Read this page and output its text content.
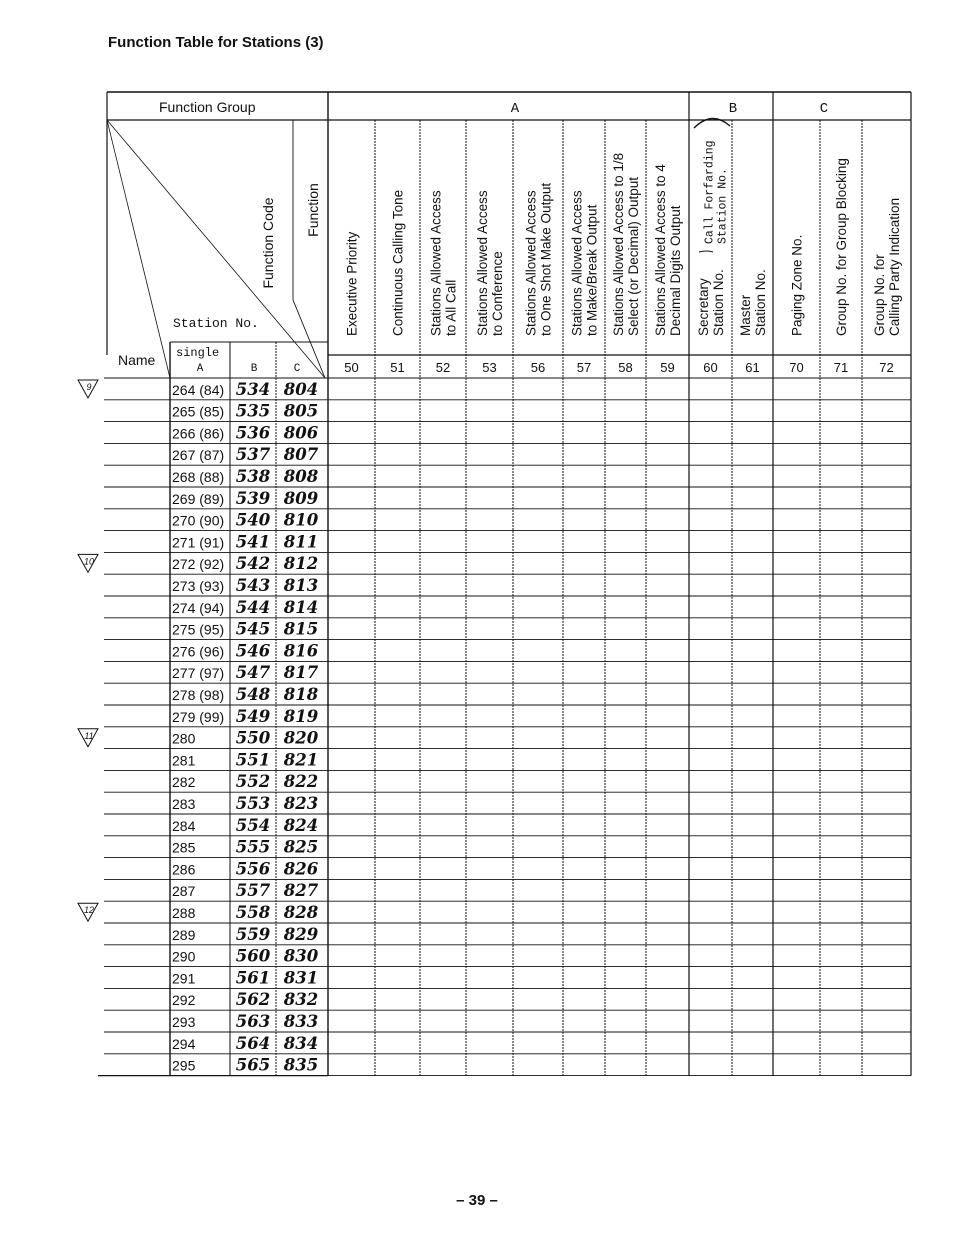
Function Table for Stations (3)
Function Group	A	B	C
Function Code Function
Station No.
Name single
A	B	C
Executive Priority
50
Continuous Calling Tone
51
Stations Allowed Access to All Call
52
Stations Allowed Access to Conference
53
Stations Allowed Access to One Shot Make Output
56
Stations Allowed Access to Make/Break Output
57
Stations Allowed Access to 1/8 Select (or Decimal) Output
58
Stations Allowed Access to 4 Decimal Digits Output
59
Secretary Station No.
Call Forfarding Station No.
60
Master Station No.
61
Paging Zone No.
70
Group No. for Group Blocking
71
Group No. for Calling Party Indication
72
264 (84) 534 804
265 (85) 535 805
266 (86) 536 806
267 (87) 537 807
268 (88) 538 808
269 (89) 539 809
270 (90) 540 810
271 (91) 541 811
272 (92) 542 812
273 (93) 543 813
274 (94) 544 814
275 (95) 545 815
276 (96) 546 816
277 (97) 547 817
278 (98) 548 818
279 (99) 549 819
280 550 820
281 551 821
282 552 822
283 553 823
284 554 824
285 555 825
286 556 826
287 557 827
288 558 828
289 559 829
290 560 830
291 561 831
292 562 832
293 563 833
294 564 834
295 565 835
9
10
11
12
– 39 –
